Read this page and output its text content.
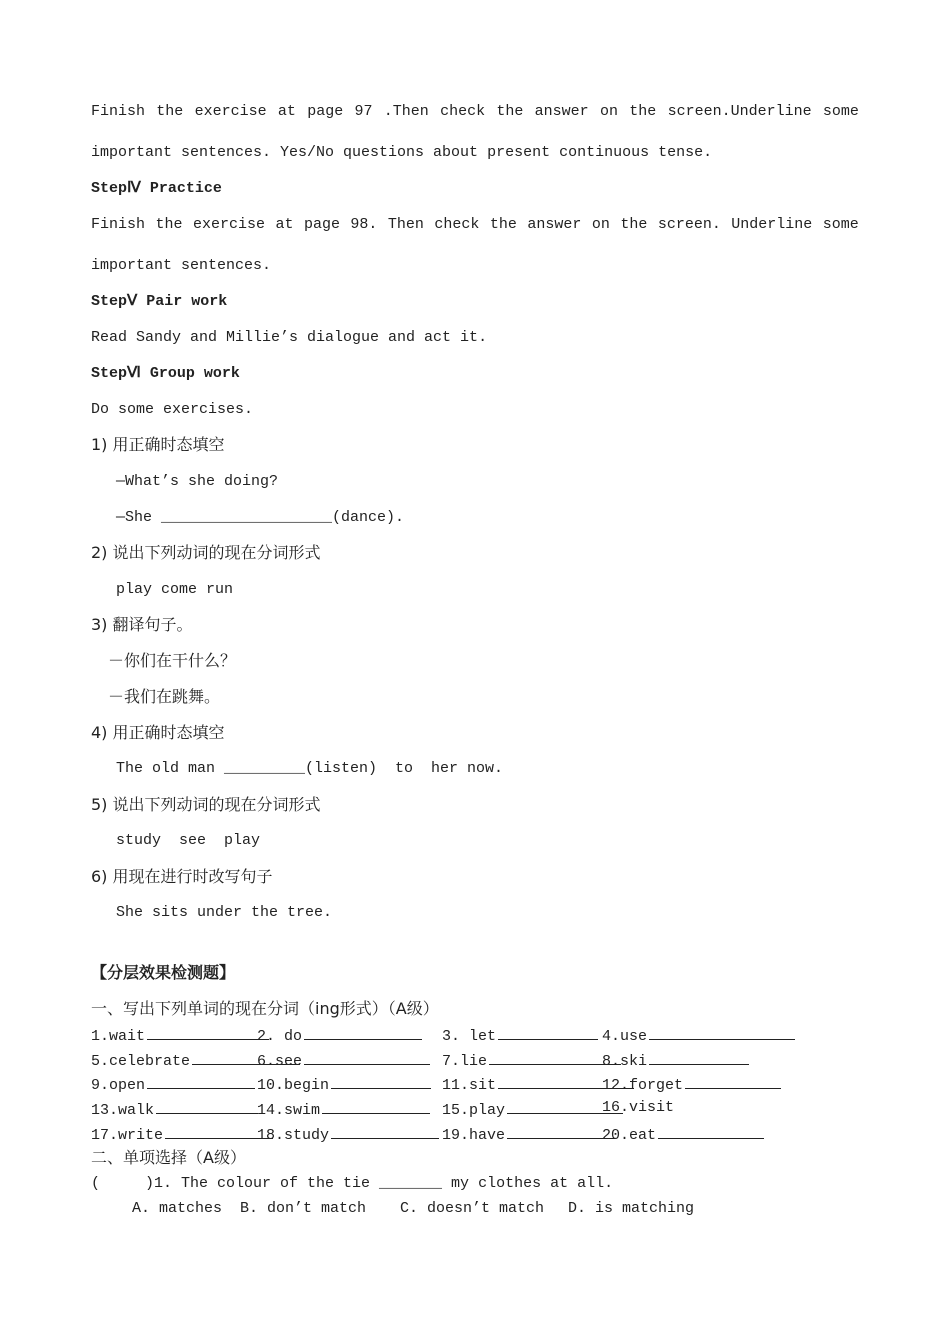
Finish the exercise at page 97 .Then check the answer on the screen.Underline some
important sentences. Yes/No questions about present continuous tense.
StepⅣ Practice
Finish the exercise at page 98. Then check the answer on the screen. Underline some
important sentences.
StepⅤ Pair work
Read Sandy and Millie’s dialogue and act it.
StepⅥ Group work
Do some exercises.
1) 用正确时态填空
—What’s she doing?
—She ___________________(dance).
2) 说出下列动词的现在分词形式
play come run
3) 翻译句子。
－你们在干什么？
－我们在跳舞。
4) 用正确时态填空
The old man _________(listen)  to  her now.
5) 说出下列动词的现在分词形式
study  see  play
6) 用现在进行时改写句子
She sits under the tree.
【分层效果检测题】
一、写出下列单词的现在分词（ing形式）（A级）
1.wait	2. do	3. let	4.use
5.celebrate	6.see	7.lie	8.ski
9.open	10.begin	11.sit	12.forget
13.walk	14.swim	15.play	16.visit
17.write	18.study	19.have	20.eat
二、单项选择（A级）
(     )1. The colour of the tie _______ my clothes at all.
A. matches B. don’t match C. doesn’t match D. is matching
